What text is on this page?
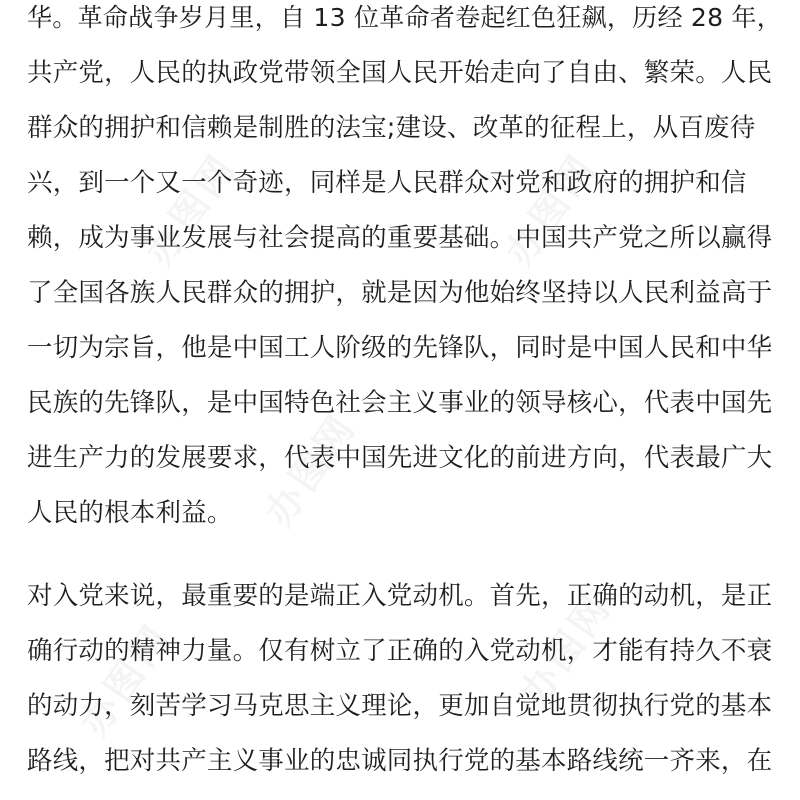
办图网	办图网
办图网
办图网
办图网
华。革命战争岁月里，自 13 位革命者卷起红色狂飙，历经 28 年，
共产党，人民的执政党带领全国人民开始走向了自由、繁荣。人民
群众的拥护和信赖是制胜的法宝;建设、改革的征程上，从百废待
兴，到一个又一个奇迹，同样是人民群众对党和政府的拥护和信
赖，成为事业发展与社会提高的重要基础。中国共产党之所以赢得
了全国各族人民群众的拥护，就是因为他始终坚持以人民利益高于
一切为宗旨，他是中国工人阶级的先锋队，同时是中国人民和中华
民族的先锋队，是中国特色社会主义事业的领导核心，代表中国先
进生产力的发展要求，代表中国先进文化的前进方向，代表最广大
人民的根本利益。
对入党来说，最重要的是端正入党动机。首先，正确的动机，是正
确行动的精神力量。仅有树立了正确的入党动机，才能有持久不衰
的动力，刻苦学习马克思主义理论，更加自觉地贯彻执行党的基本
路线，把对共产主义事业的忠诚同执行党的基本路线统一齐来，在
